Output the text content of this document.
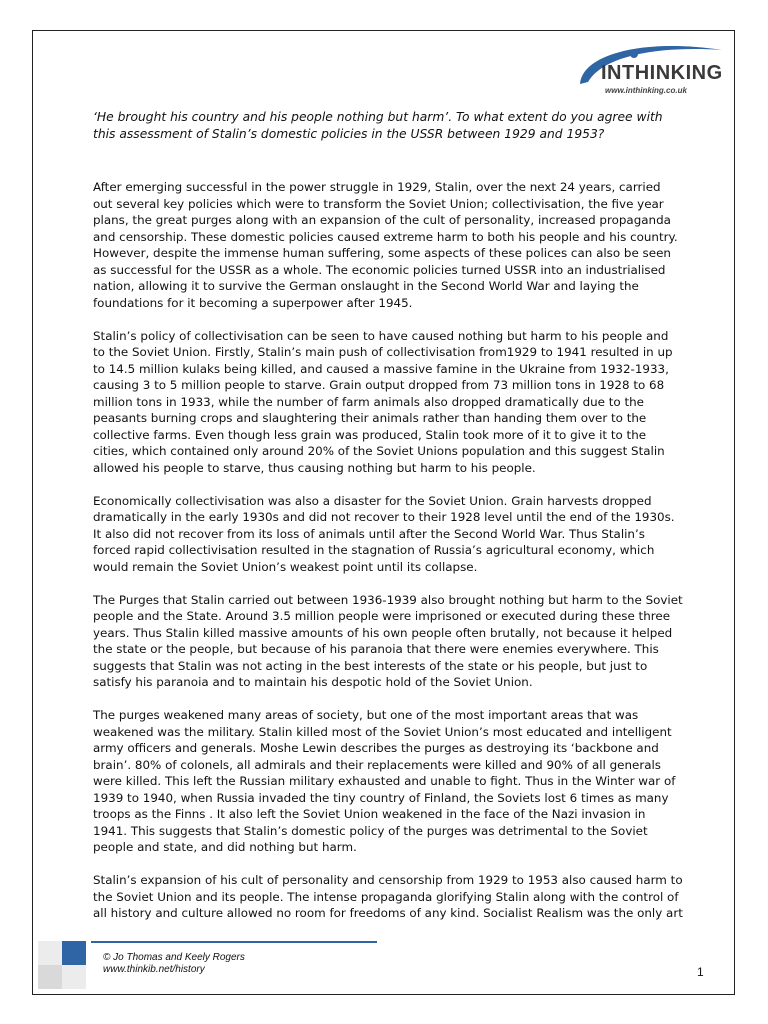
INTHINKING
www.inthinking.co.uk

‘He brought his country and his people nothing but harm’. To what extent do you agree with this assessment of Stalin’s domestic policies in the USSR between 1929 and 1953?

After emerging successful in the power struggle in 1929, Stalin, over the next 24 years, carried out several key policies which were to transform the Soviet Union; collectivisation, the five year plans, the great purges along with an expansion of the cult of personality, increased propaganda and censorship. These domestic policies caused extreme harm to both his people and his country. However, despite the immense human suffering, some aspects of these polices can also be seen as successful for the USSR as a whole. The economic policies turned USSR into an industrialised nation, allowing it to survive the German onslaught in the Second World War and laying the foundations for it becoming a superpower after 1945.

Stalin’s policy of collectivisation can be seen to have caused nothing but harm to his people and to the Soviet Union. Firstly, Stalin’s main push of collectivisation from1929 to 1941 resulted in up to 14.5 million kulaks being killed, and caused a massive famine in the Ukraine from 1932-1933, causing 3 to 5 million people to starve. Grain output dropped from 73 million tons in 1928 to 68 million tons in 1933, while the number of farm animals also dropped dramatically due to the peasants burning crops and slaughtering their animals rather than handing them over to the collective farms. Even though less grain was produced, Stalin took more of it to give it to the cities, which contained only around 20% of the Soviet Unions population and this suggest Stalin allowed his people to starve, thus causing nothing but harm to his people.

Economically collectivisation was also a disaster for the Soviet Union. Grain harvests dropped dramatically in the early 1930s and did not recover to their 1928 level until the end of the 1930s. It also did not recover from its loss of animals until after the Second World War. Thus Stalin’s forced rapid collectivisation resulted in the stagnation of Russia’s agricultural economy, which would remain the Soviet Union’s weakest point until its collapse.

The Purges that Stalin carried out between 1936-1939 also brought nothing but harm to the Soviet people and the State. Around 3.5 million people were imprisoned or executed during these three years. Thus Stalin killed massive amounts of his own people often brutally, not because it helped the state or the people, but because of his paranoia that there were enemies everywhere. This suggests that Stalin was not acting in the best interests of the state or his people, but just to satisfy his paranoia and to maintain his despotic hold of the Soviet Union.

The purges weakened many areas of society, but one of the most important areas that was weakened was the military. Stalin killed most of the Soviet Union’s most educated and intelligent army officers and generals. Moshe Lewin describes the purges as destroying its ‘backbone and brain’. 80% of colonels, all admirals and their replacements were killed and 90% of all generals were killed. This left the Russian military exhausted and unable to fight. Thus in the Winter war of 1939 to 1940, when Russia invaded the tiny country of Finland, the Soviets lost 6 times as many troops as the Finns . It also left the Soviet Union weakened in the face of the Nazi invasion in 1941. This suggests that Stalin’s domestic policy of the purges was detrimental to the Soviet people and state, and did nothing but harm.

Stalin’s expansion of his cult of personality and censorship from 1929 to 1953 also caused harm to the Soviet Union and its people. The intense propaganda glorifying Stalin along with the control of all history and culture allowed no room for freedoms of any kind. Socialist Realism was the only art

© Jo Thomas and Keely Rogers
www.thinkib.net/history	1
